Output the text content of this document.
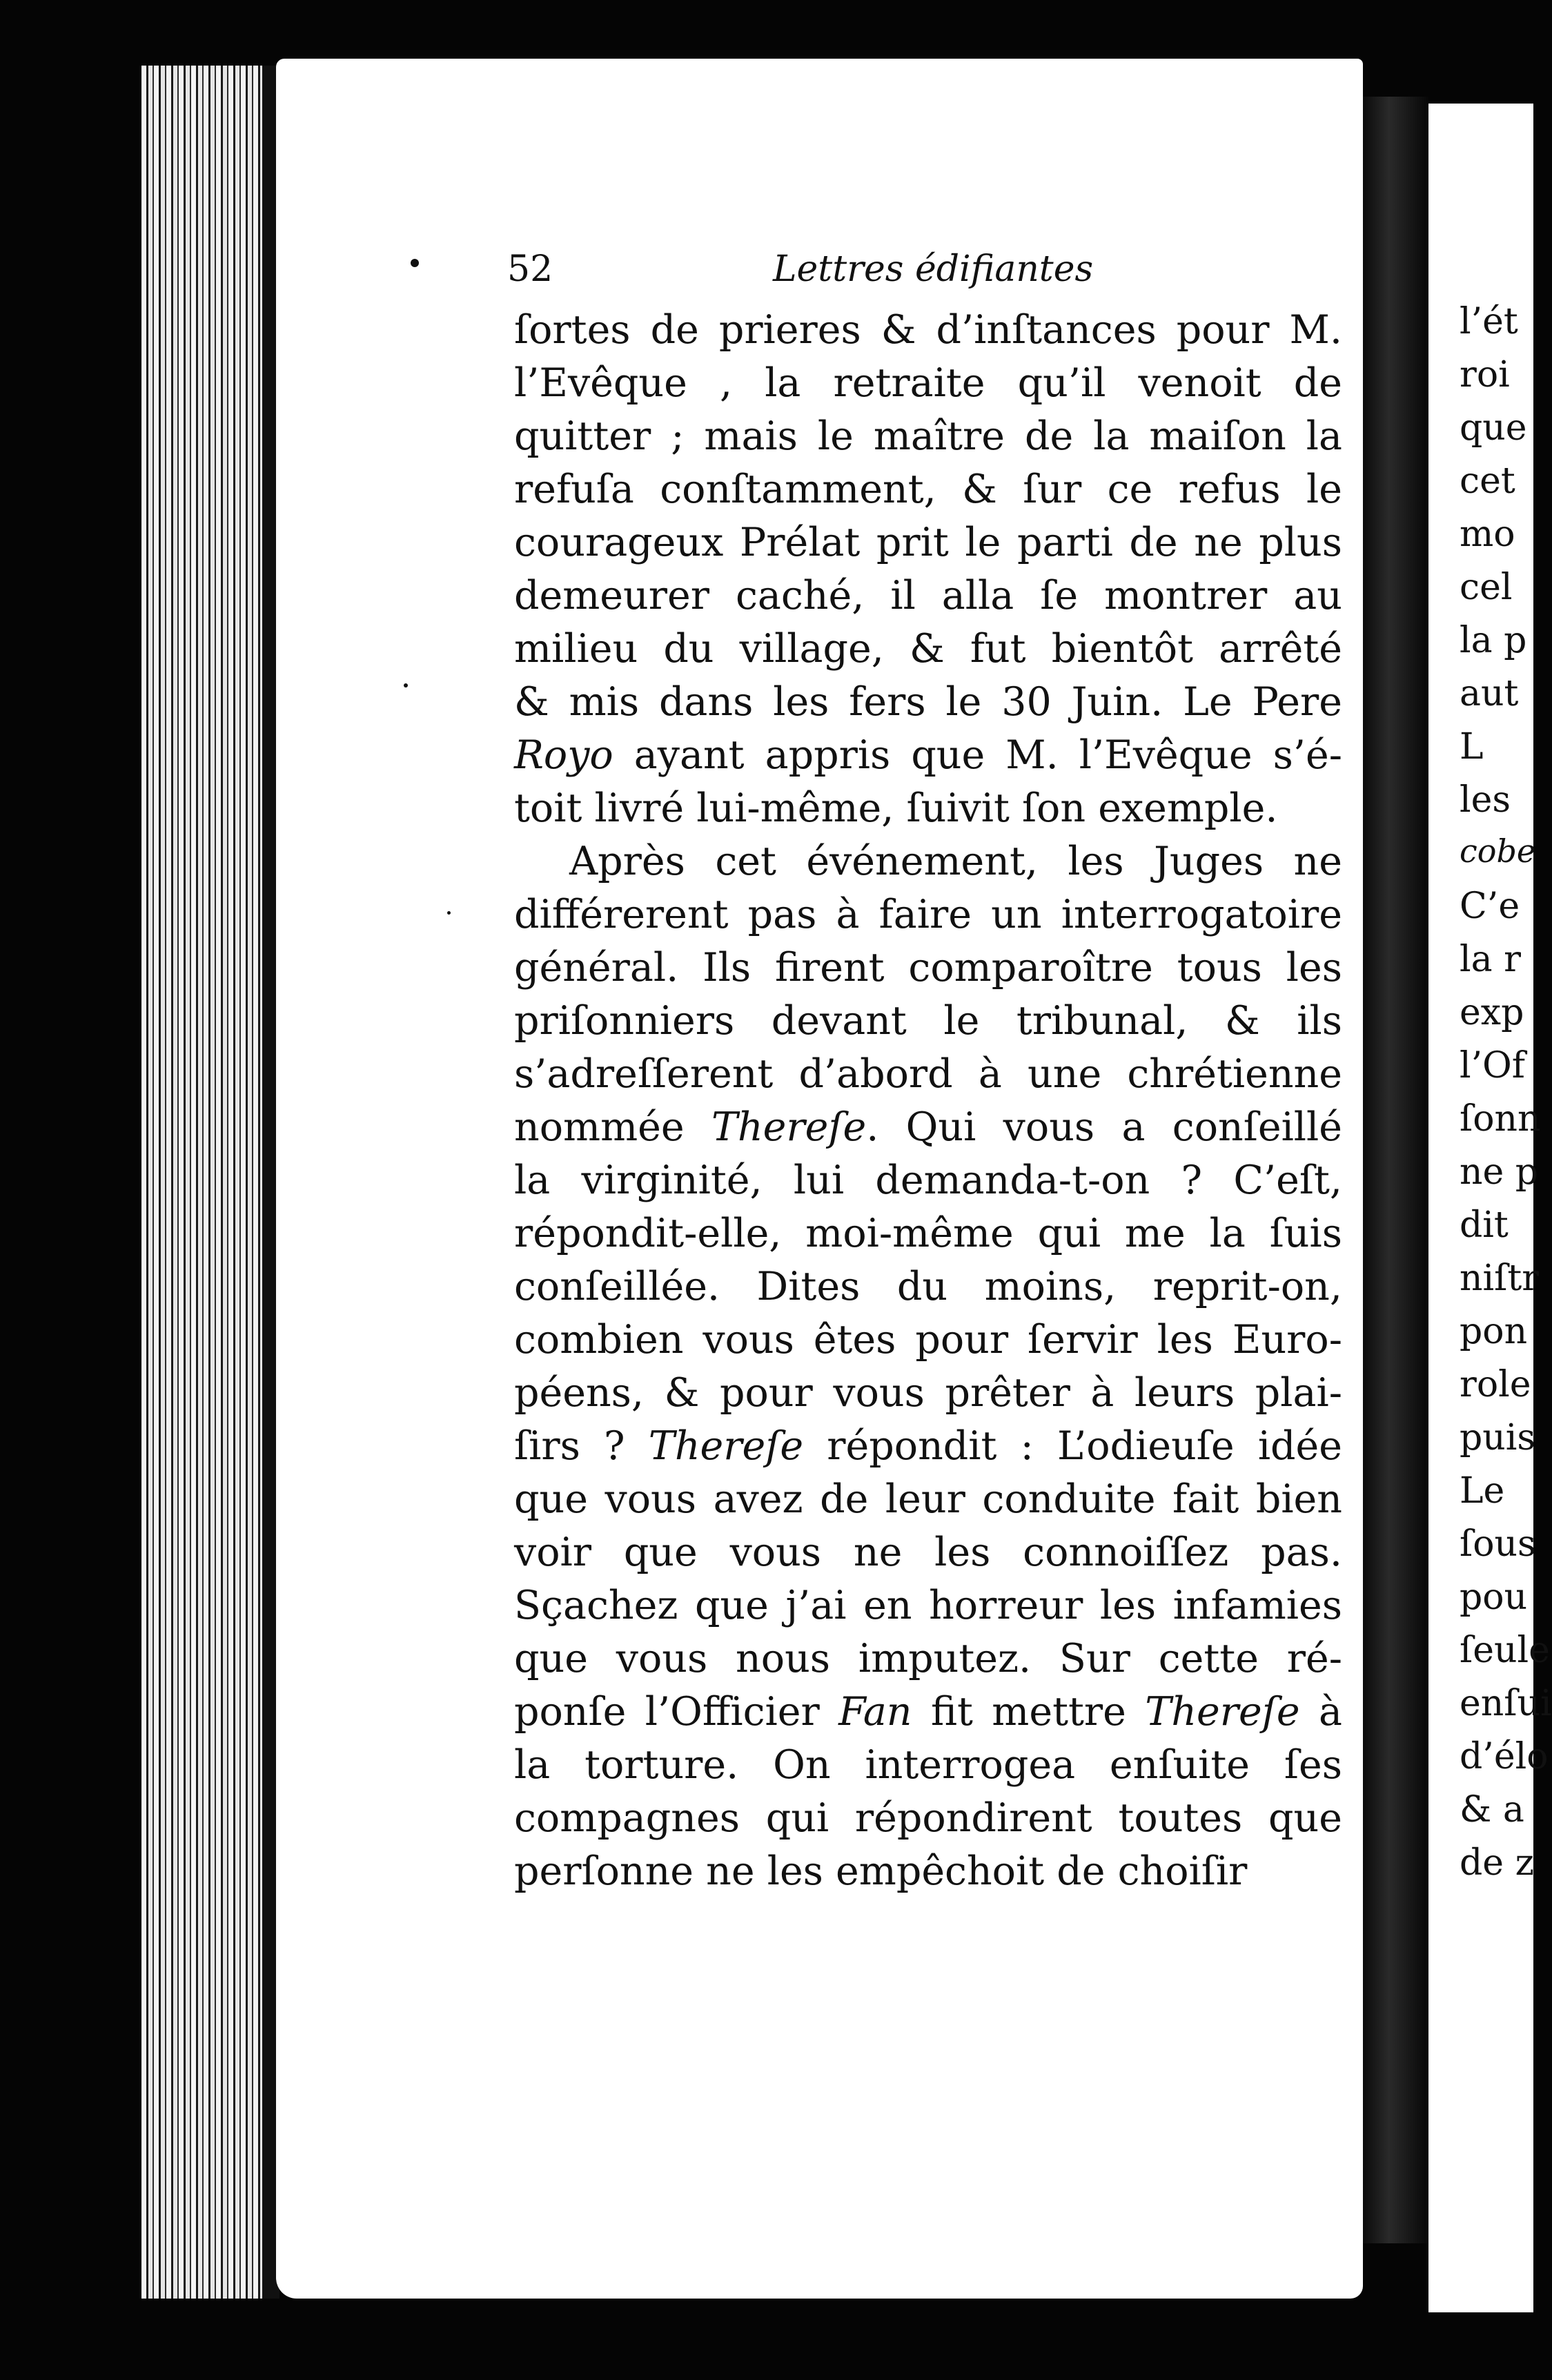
l’ét
roi
que
cet
mo
cel
la p
aut
L
les
cobe
C’e
la r
exp
l’Of
ſonn
ne p
dit
niſtr
pon
role
puis
Le
ſous
pou
ſeule
enſui
d’élo
& a
de z
52	Lettres édifiantes
ſortes de prieres & d’inſtances pour M.
l’Evêque , la retraite qu’il venoit de
quitter ; mais le maître de la maiſon la
refuſa conſtamment, & ſur ce refus le
courageux Prélat prit le parti de ne plus
demeurer caché, il alla ſe montrer au
milieu du village, & fut bientôt arrêté
& mis dans les fers le 30 Juin. Le Pere
Royo ayant appris que M. l’Evêque s’é-
toit livré lui-même, ſuivit ſon exemple.
Après cet événement, les Juges ne
différerent pas à faire un interrogatoire
général. Ils firent comparoître tous les
priſonniers devant le tribunal, & ils
s’adreſſerent d’abord à une chrétienne
nommée Thereſe. Qui vous a conſeillé
la virginité, lui demanda-t-on ? C’eſt,
répondit-elle, moi-même qui me la ſuis
conſeillée. Dites du moins, reprit-on,
combien vous êtes pour ſervir les Euro-
péens, & pour vous prêter à leurs plai-
ſirs ? Thereſe répondit : L’odieuſe idée
que vous avez de leur conduite fait bien
voir que vous ne les connoiſſez pas.
Sçachez que j’ai en horreur les infamies
que vous nous imputez. Sur cette ré-
ponſe l’Officier Fan fit mettre Thereſe à
la torture. On interrogea enſuite ſes
compagnes qui répondirent toutes que
perſonne ne les empêchoit de choiſir
